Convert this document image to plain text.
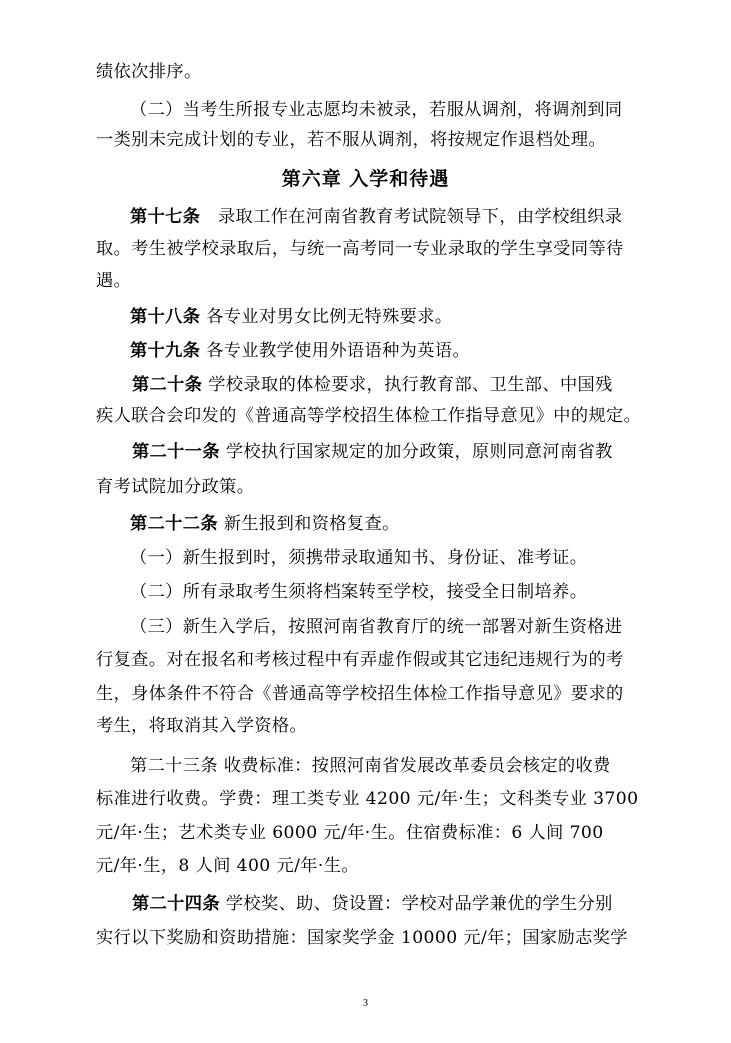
绩依次排序。
（二）当考生所报专业志愿均未被录，若服从调剂，将调剂到同
一类别未完成计划的专业，若不服从调剂，将按规定作退档处理。
第六章 入学和待遇
第十七条　录取工作在河南省教育考试院领导下，由学校组织录
取。考生被学校录取后，与统一高考同一专业录取的学生享受同等待
遇。
第十八条 各专业对男女比例无特殊要求。
第十九条 各专业教学使用外语语种为英语。
第二十条 学校录取的体检要求，执行教育部、卫生部、中国残
疾人联合会印发的《普通高等学校招生体检工作指导意见》中的规定。
第二十一条 学校执行国家规定的加分政策，原则同意河南省教
育考试院加分政策。
第二十二条 新生报到和资格复查。
（一）新生报到时，须携带录取通知书、身份证、准考证。
（二）所有录取考生须将档案转至学校，接受全日制培养。
（三）新生入学后，按照河南省教育厅的统一部署对新生资格进
行复查。对在报名和考核过程中有弄虚作假或其它违纪违规行为的考
生，身体条件不符合《普通高等学校招生体检工作指导意见》要求的
考生，将取消其入学资格。
第二十三条 收费标准：按照河南省发展改革委员会核定的收费
标准进行收费。学费：理工类专业 4200 元/年·生；文科类专业 3700
元/年·生；艺术类专业 6000 元/年·生。住宿费标准：6 人间 700
元/年·生，8 人间 400 元/年·生。
第二十四条 学校奖、助、贷设置：学校对品学兼优的学生分别
实行以下奖励和资助措施：国家奖学金 10000 元/年；国家励志奖学
3
